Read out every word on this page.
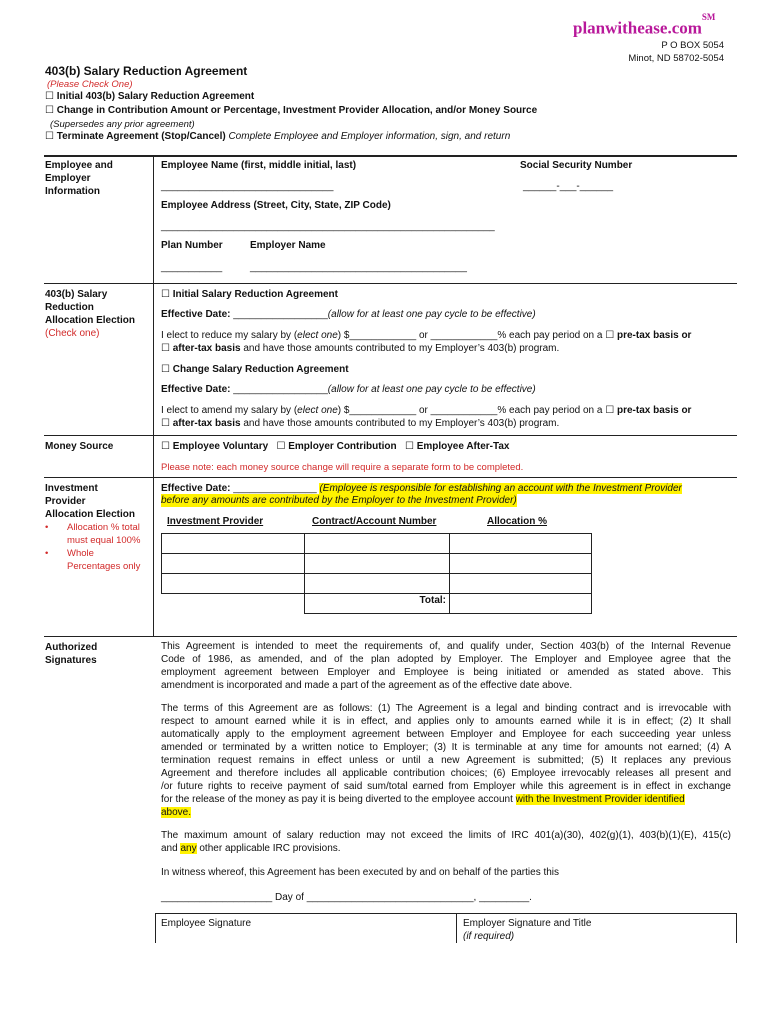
planwithease.com℠
P O BOX 5054
Minot, ND 58702-5054
403(b) Salary Reduction Agreement
(Please Check One)
☐ Initial 403(b) Salary Reduction Agreement
☐ Change in Contribution Amount or Percentage, Investment Provider Allocation, and/or Money Source
(Supersedes any prior agreement)
☐ Terminate Agreement (Stop/Cancel) Complete Employee and Employer information, sign, and return
Employee and
Employer
Information
Employee Name (first, middle initial, last)	Social Security Number
_______________________________	______-___-______
Employee Address (Street, City, State, ZIP Code)
____________________________________________________________
Plan Number	Employer Name
___________	_______________________________________
403(b) Salary
Reduction
Allocation Election
(Check one)
☐ Initial Salary Reduction Agreement
Effective Date: _________________(allow for at least one pay cycle to be effective)
I elect to reduce my salary by (elect one) $____________ or ____________% each pay period on a ☐ pre-tax basis or
☐ after-tax basis and have those amounts contributed to my Employer’s 403(b) program.
☐ Change Salary Reduction Agreement
Effective Date: _________________(allow for at least one pay cycle to be effective)
I elect to amend my salary by (elect one) $____________ or ____________% each pay period on a ☐ pre-tax basis or
☐ after-tax basis and have those amounts contributed to my Employer’s 403(b) program.
Money Source	☐ Employee Voluntary ☐ Employer Contribution ☐ Employee After-Tax
Please note: each money source change will require a separate form to be completed.
Investment
Provider
Allocation Election
• Allocation % total
must equal 100%
• Whole
Percentages only
Effective Date: _______________ (Employee is responsible for establishing an account with the Investment Provider
before any amounts are contributed by the Employer to the Investment Provider)
Investment Provider	Contract/Account Number	Allocation %

	Total:	
Authorized
Signatures
This Agreement is intended to meet the requirements of, and qualify under, Section 403(b) of the Internal Revenue
Code of 1986, as amended, and of the plan adopted by Employer. The Employer and Employee agree that the
employment agreement between Employer and Employee is being initiated or amended as stated above. This
amendment is incorporated and made a part of the agreement as of the effective date above.
The terms of this Agreement are as follows: (1) The Agreement is a legal and binding contract and is irrevocable with
respect to amount earned while it is in effect, and applies only to amounts earned while it is in effect; (2) It shall
automatically apply to the employment agreement between Employer and Employee for each succeeding year unless
amended or terminated by a written notice to Employer; (3) It is terminable at any time for amounts not earned; (4) A
termination request remains in effect unless or until a new Agreement is submitted; (5) It replaces any previous
Agreement and therefore includes all applicable contribution choices; (6) Employee irrevocably releases all present and
/or future rights to receive payment of said sum/total earned from Employer while this agreement is in effect in exchange
for the release of the money as pay it is being diverted to the employee account with the Investment Provider identified
above.
The maximum amount of salary reduction may not exceed the limits of IRC 401(a)(30), 402(g)(1), 403(b)(1)(E), 415(c)
and any other applicable IRC provisions.
In witness whereof, this Agreement has been executed by and on behalf of the parties this
____________________ Day of ______________________________, _________.
Employee Signature	Employer Signature and Title
(if required)
